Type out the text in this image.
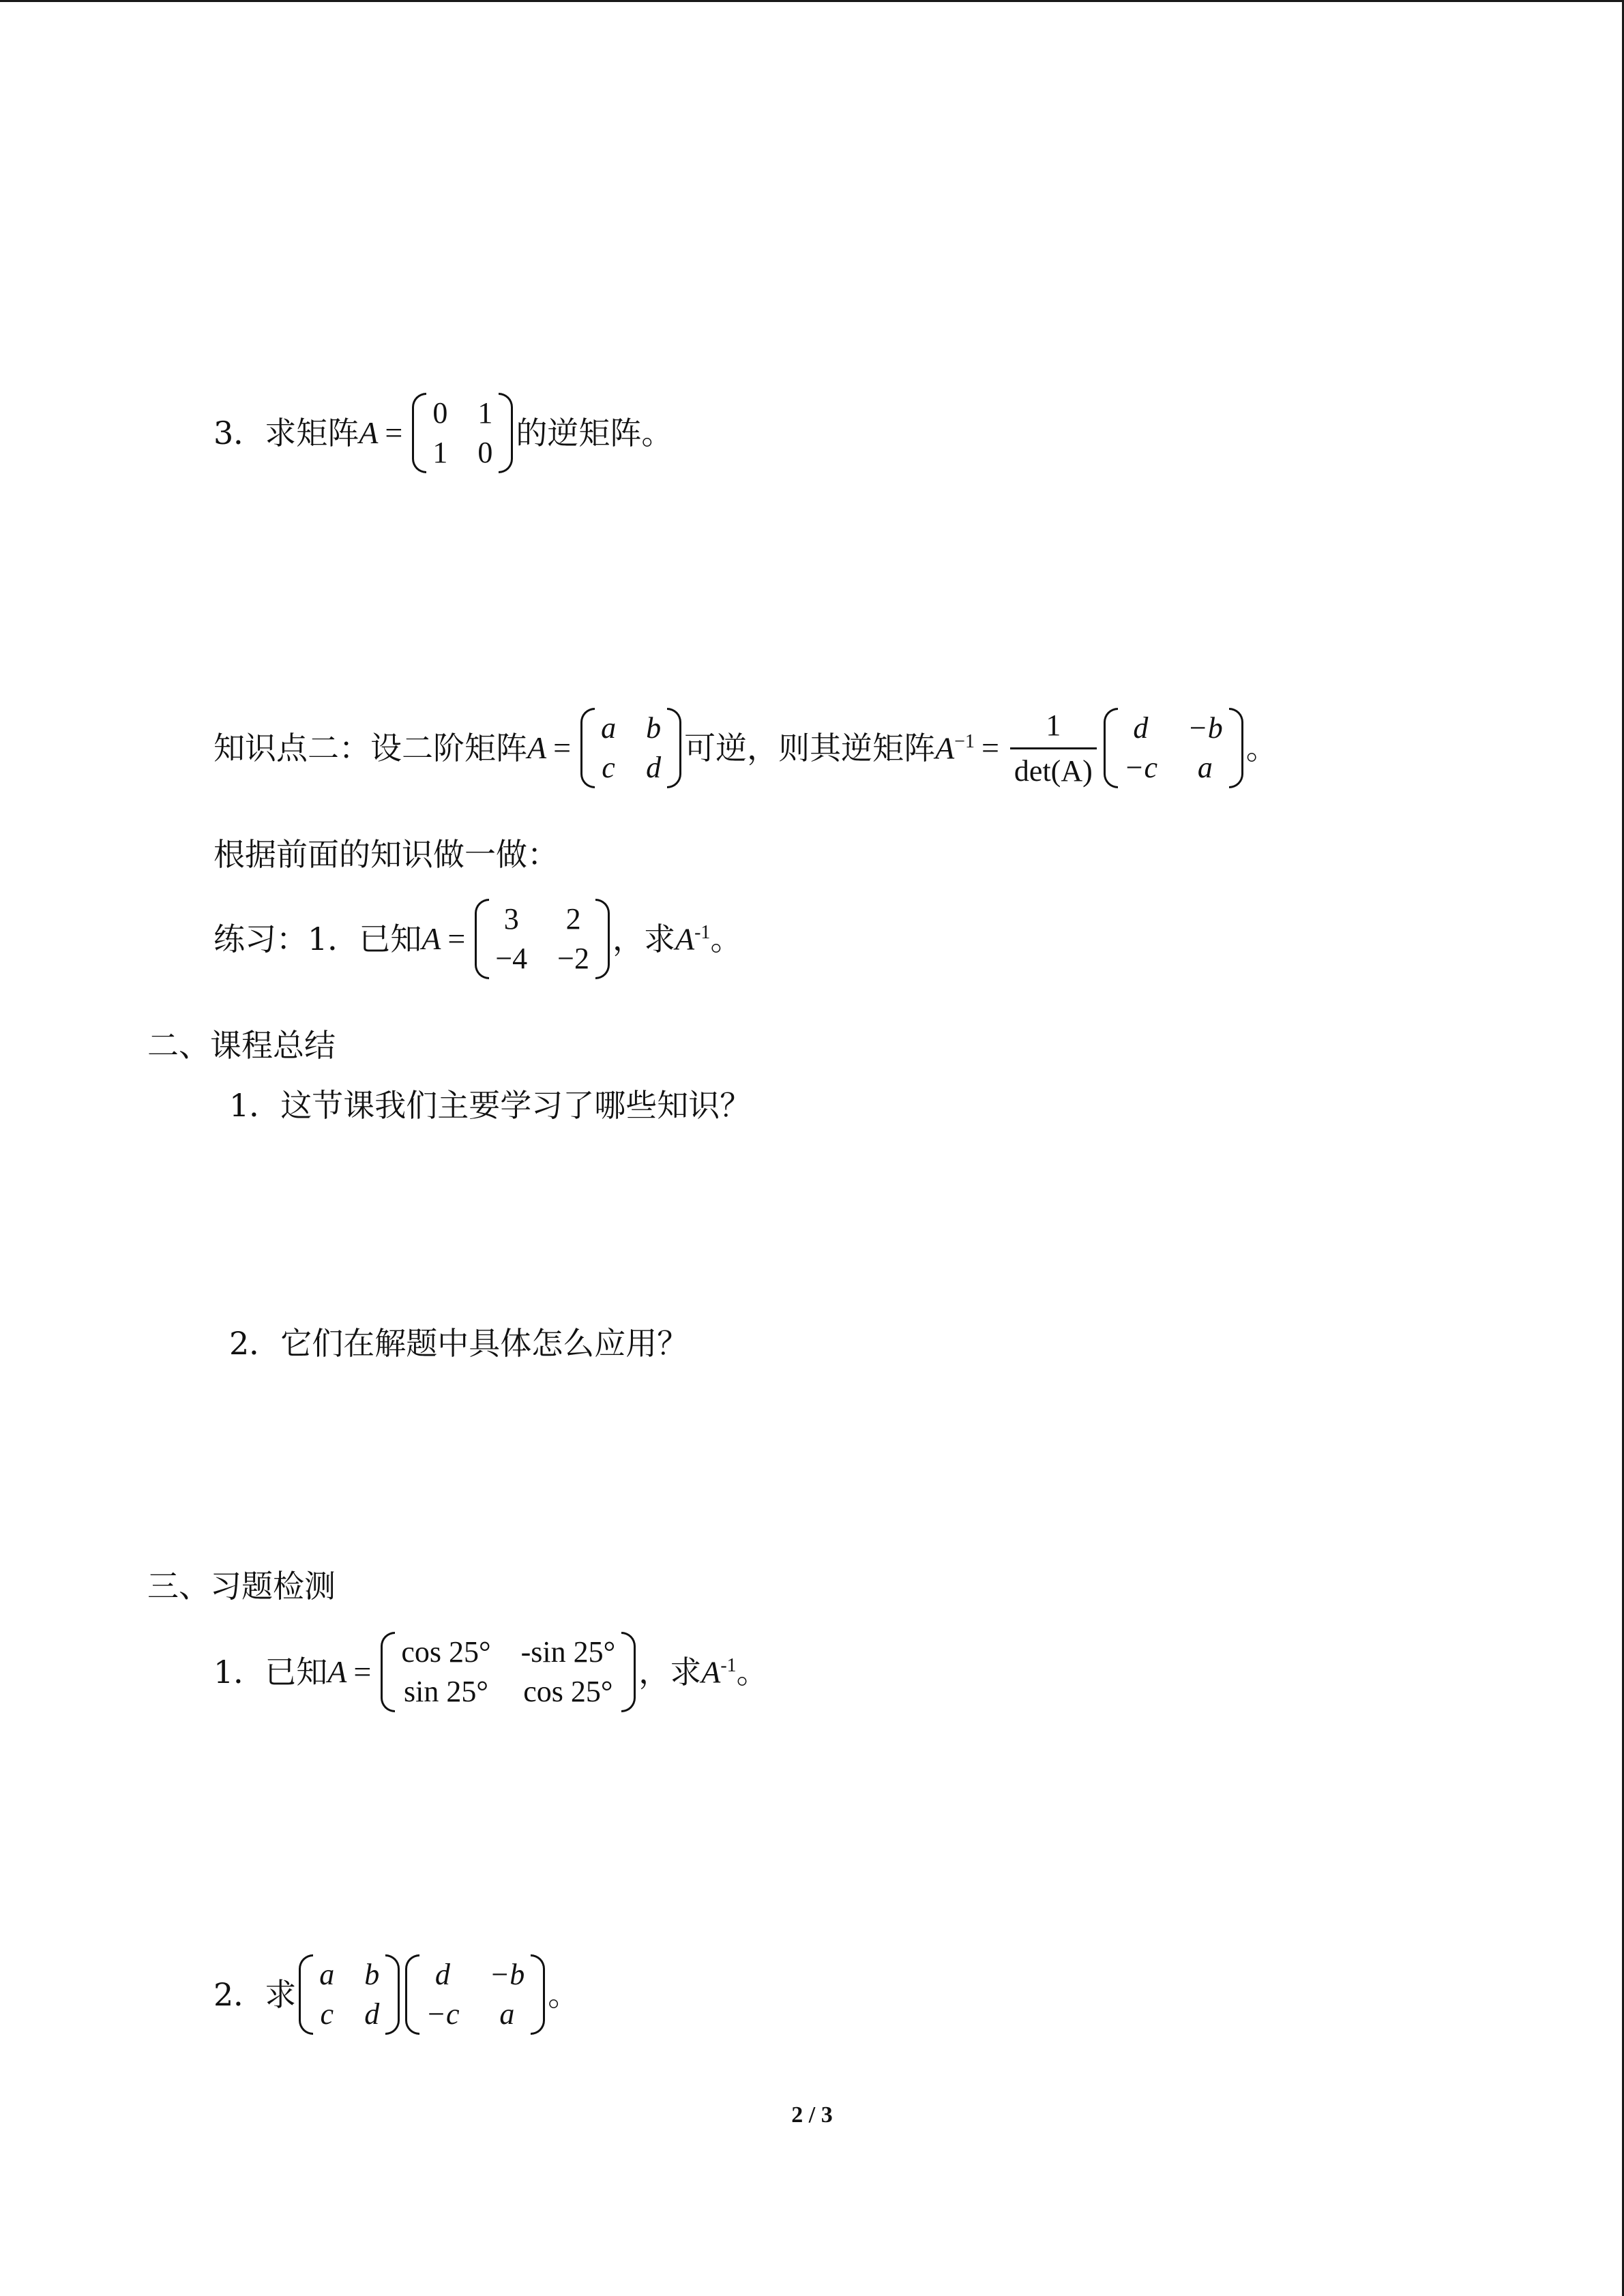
3．求矩阵 A =
0 1
1 0
的逆矩阵。
知识点二：设二阶矩阵 A =
a b
c d
可逆，则其逆矩阵 $A^{-1} = \frac{1}{\det(A)}$	d	−b
−c	a
。
根据前面的知识做一做：
练习：1．已知 A =
3 2
−4 −2
，求 $A^{-1}$ 。
二、课程总结
1．这节课我们主要学习了哪些知识？
2．它们在解题中具体怎么应用？
三、习题检测
1．已知 A =
cos 25° -sin 25°
sin 25° cos 25°
，求 $A^{-1}$ 。
2．求
a b
c d
d	−b
−c	a
。
2 / 3
